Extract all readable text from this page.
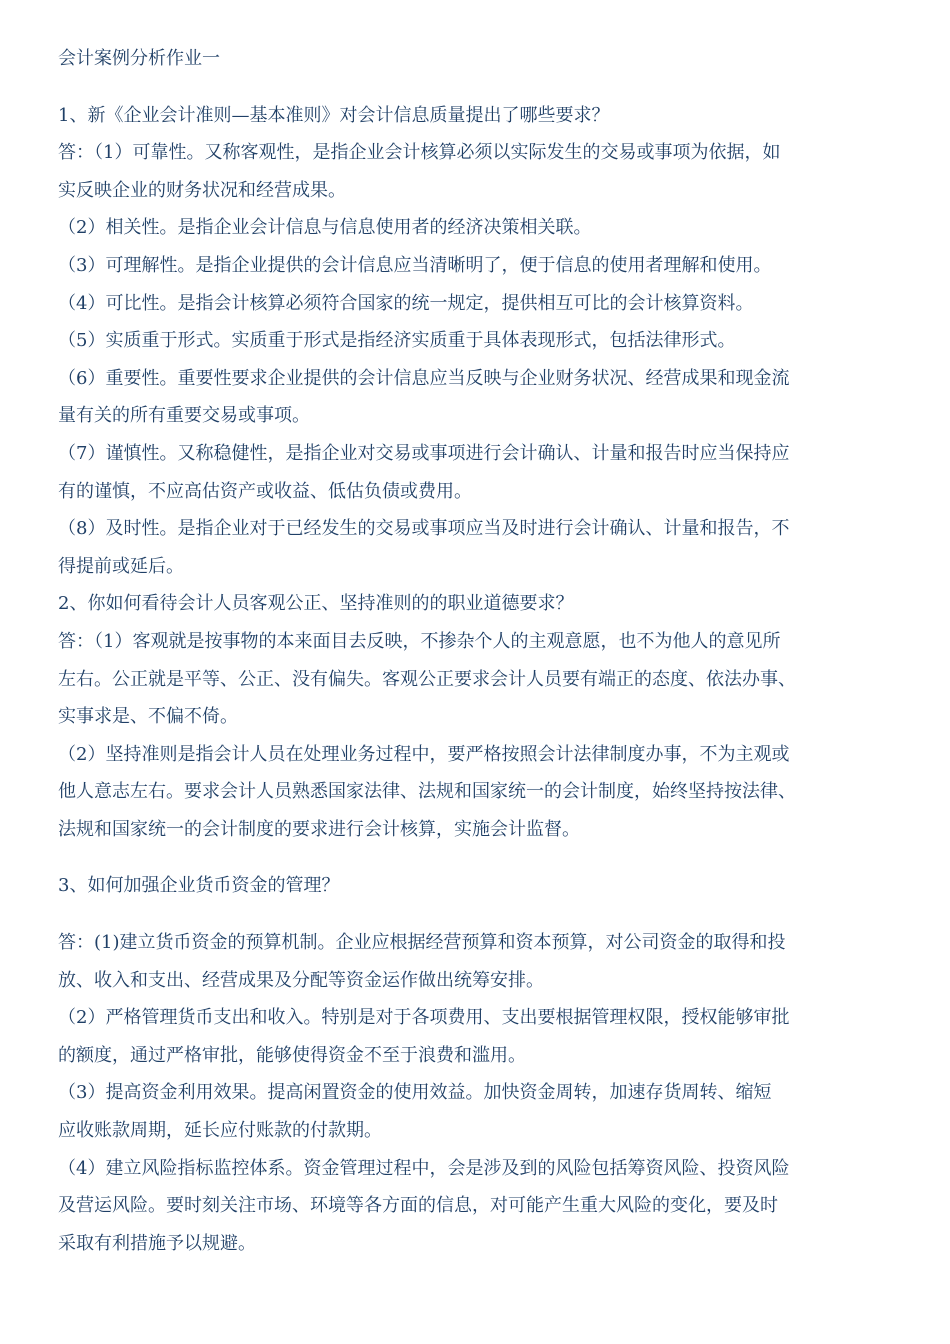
会计案例分析作业一

1、新《企业会计准则—基本准则》对会计信息质量提出了哪些要求？

答：（1）可靠性。又称客观性，是指企业会计核算必须以实际发生的交易或事项为依据，如

实反映企业的财务状况和经营成果。

（2）相关性。是指企业会计信息与信息使用者的经济决策相关联。

（3）可理解性。是指企业提供的会计信息应当清晰明了，便于信息的使用者理解和使用。

（4）可比性。是指会计核算必须符合国家的统一规定，提供相互可比的会计核算资料。

（5）实质重于形式。实质重于形式是指经济实质重于具体表现形式，包括法律形式。

（6）重要性。重要性要求企业提供的会计信息应当反映与企业财务状况、经营成果和现金流

量有关的所有重要交易或事项。

（7）谨慎性。又称稳健性，是指企业对交易或事项进行会计确认、计量和报告时应当保持应

有的谨慎，不应高估资产或收益、低估负债或费用。

（8）及时性。是指企业对于已经发生的交易或事项应当及时进行会计确认、计量和报告，不

得提前或延后。

2、你如何看待会计人员客观公正、坚持准则的的职业道德要求？

答：（1）客观就是按事物的本来面目去反映，不掺杂个人的主观意愿，也不为他人的意见所

左右。公正就是平等、公正、没有偏失。客观公正要求会计人员要有端正的态度、依法办事、

实事求是、不偏不倚。

（2）坚持准则是指会计人员在处理业务过程中，要严格按照会计法律制度办事，不为主观或

他人意志左右。要求会计人员熟悉国家法律、法规和国家统一的会计制度，始终坚持按法律、

法规和国家统一的会计制度的要求进行会计核算，实施会计监督。

3、如何加强企业货币资金的管理？

答：(1)建立货币资金的预算机制。企业应根据经营预算和资本预算，对公司资金的取得和投

放、收入和支出、经营成果及分配等资金运作做出统筹安排。

（2）严格管理货币支出和收入。特别是对于各项费用、支出要根据管理权限，授权能够审批

的额度，通过严格审批，能够使得资金不至于浪费和滥用。

（3）提高资金利用效果。提高闲置资金的使用效益。加快资金周转，加速存货周转、缩短

应收账款周期，延长应付账款的付款期。

（4）建立风险指标监控体系。资金管理过程中，会是涉及到的风险包括筹资风险、投资风险

及营运风险。要时刻关注市场、环境等各方面的信息，对可能产生重大风险的变化，要及时

采取有利措施予以规避。
